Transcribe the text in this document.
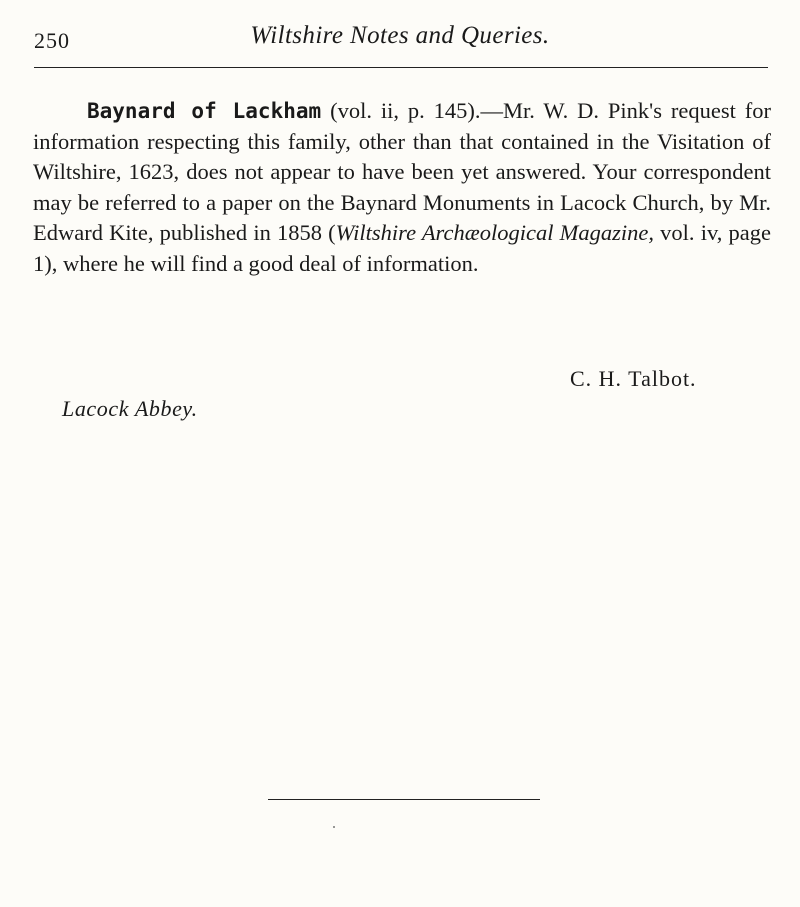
250	Wiltshire Notes and Queries.

Baynard of Lackham (vol. ii, p. 145).—Mr. W. D. Pink's request for information respecting this family, other than that contained in the Visitation of Wiltshire, 1623, does not appear to have been yet answered. Your correspondent may be referred to a paper on the Baynard Monuments in Lacock Church, by Mr. Edward Kite, published in 1858 (Wiltshire Archæological Magazine, vol. iv, page 1), where he will find a good deal of information.

C. H. Talbot.
Lacock Abbey.
